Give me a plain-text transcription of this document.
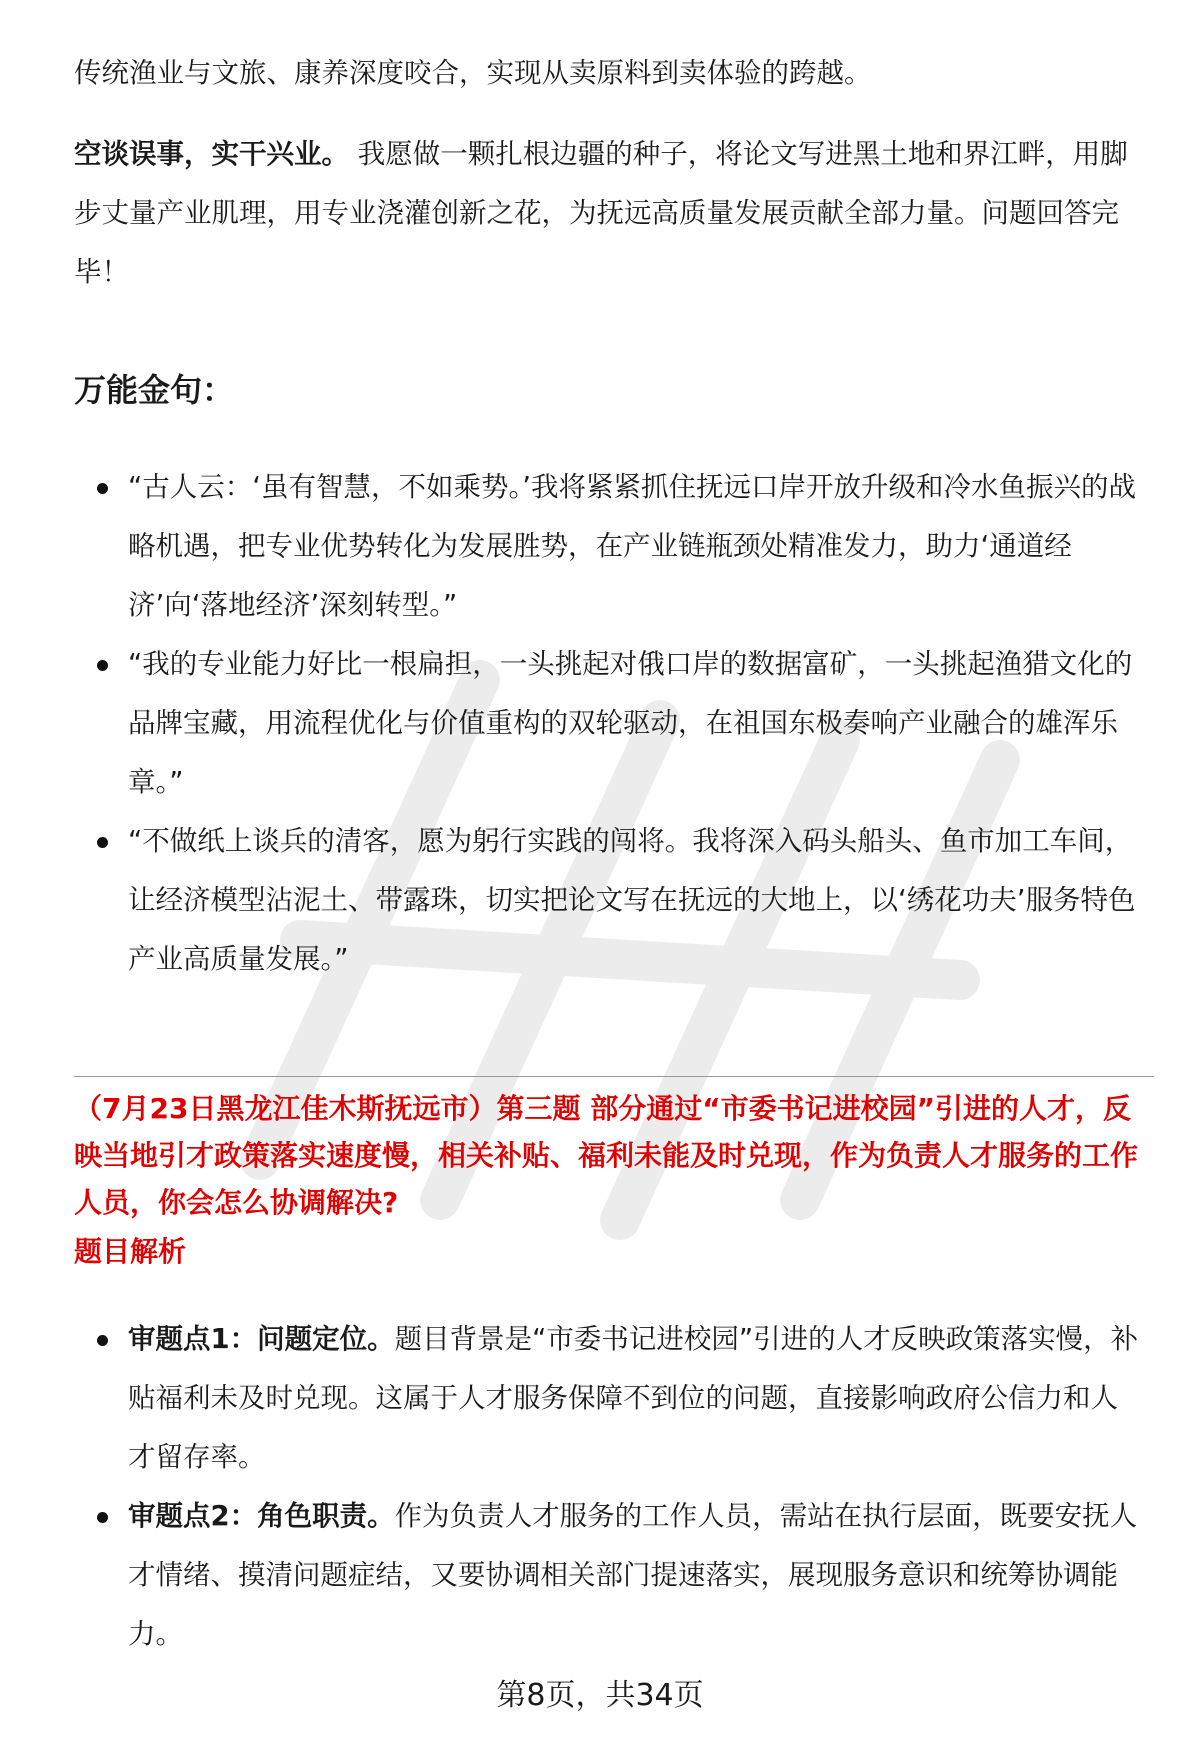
传统渔业与文旅、康养深度咬合，实现从卖原料到卖体验的跨越。

空谈误事，实干兴业。 我愿做一颗扎根边疆的种子，将论文写进黑土地和界江畔，用脚步丈量产业肌理，用专业浇灌创新之花，为抚远高质量发展贡献全部力量。问题回答完毕！

万能金句：
“古人云：‘虽有智慧，不如乘势。’我将紧紧抓住抚远口岸开放升级和冷水鱼振兴的战略机遇，把专业优势转化为发展胜势，在产业链瓶颈处精准发力，助力‘通道经济’向‘落地经济’深刻转型。”
“我的专业能力好比一根扁担，一头挑起对俄口岸的数据富矿，一头挑起渔猎文化的品牌宝藏，用流程优化与价值重构的双轮驱动，在祖国东极奏响产业融合的雄浑乐章。”
“不做纸上谈兵的清客，愿为躬行实践的闯将。我将深入码头船头、鱼市加工车间，让经济模型沾泥土、带露珠，切实把论文写在抚远的大地上，以‘绣花功夫’服务特色产业高质量发展。”

（7月23日黑龙江佳木斯抚远市）第三题 部分通过“市委书记进校园”引进的人才，反映当地引才政策落实速度慢，相关补贴、福利未能及时兑现，作为负责人才服务的工作人员，你会怎么协调解决?

题目解析
审题点1：问题定位。题目背景是“市委书记进校园”引进的人才反映政策落实慢，补贴福利未及时兑现。这属于人才服务保障不到位的问题，直接影响政府公信力和人才留存率。
审题点2：角色职责。作为负责人才服务的工作人员，需站在执行层面，既要安抚人才情绪、摸清问题症结，又要协调相关部门提速落实，展现服务意识和统筹协调能力。
第8页，共34页
